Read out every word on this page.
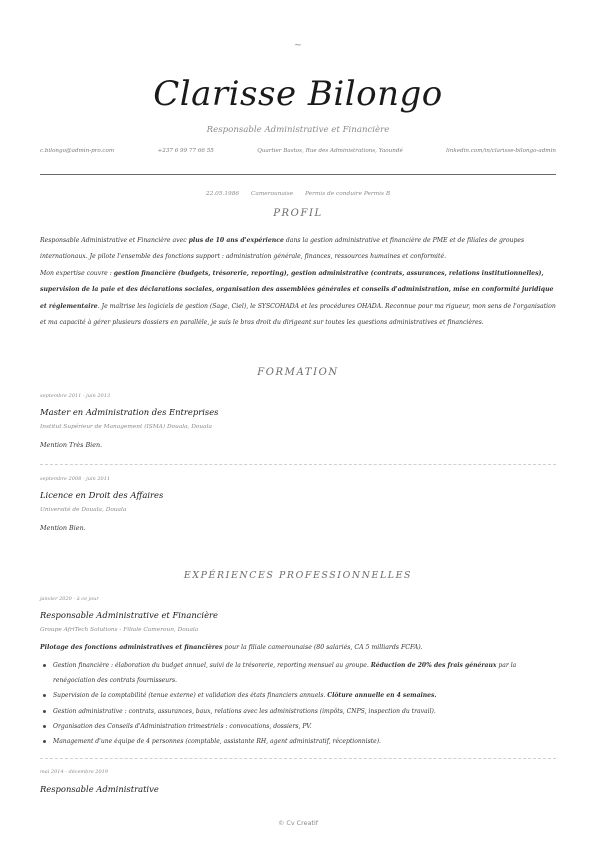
~
Clarisse Bilongo
Responsable Administrative et Financière
c.bilongo@admin-pro.com	+237 6 99 77 66 55	Quartier Bastos, Rue des Administrations, Yaoundé	linkedin.com/in/clarisse-bilongo-admin
22.05.1986 Camerounaise Permis de conduire Permis B
PROFIL
Responsable Administrative et Financière avec plus de 10 ans d'expérience dans la gestion administrative et financière de PME et de filiales de groupes internationaux. Je pilote l'ensemble des fonctions support : administration générale, finances, ressources humaines et conformité.
Mon expertise couvre : gestion financière (budgets, trésorerie, reporting), gestion administrative (contrats, assurances, relations institutionnelles), supervision de la paie et des déclarations sociales, organisation des assemblées générales et conseils d'administration, mise en conformité juridique et réglementaire. Je maîtrise les logiciels de gestion (Sage, Ciel), le SYSCOHADA et les procédures OHADA. Reconnue pour ma rigueur, mon sens de l'organisation et ma capacité à gérer plusieurs dossiers en parallèle, je suis le bras droit du dirigeant sur toutes les questions administratives et financières.
FORMATION
septembre 2011 - juin 2013
Master en Administration des Entreprises
Institut Supérieur de Management (ISMA) Douala, Douala
Mention Très Bien.
septembre 2008 - juin 2011
Licence en Droit des Affaires
Université de Douala, Douala
Mention Bien.
EXPÉRIENCES PROFESSIONNELLES
janvier 2020 - à ce jour
Responsable Administrative et Financière
Groupe AfriTech Solutions - Filiale Cameroun, Douala
Pilotage des fonctions administratives et financières pour la filiale camerounaise (80 salariés, CA 5 milliards FCFA).
Gestion financière : élaboration du budget annuel, suivi de la trésorerie, reporting mensuel au groupe. Réduction de 20% des frais généraux par la renégociation des contrats fournisseurs.
Supervision de la comptabilité (tenue externe) et validation des états financiers annuels. Clôture annuelle en 4 semaines.
Gestion administrative : contrats, assurances, baux, relations avec les administrations (impôts, CNPS, inspection du travail).
Organisation des Conseils d'Administration trimestriels : convocations, dossiers, PV.
Management d'une équipe de 4 personnes (comptable, assistante RH, agent administratif, réceptionniste).
mai 2014 - décembre 2019
Responsable Administrative
© Cv Creatif
